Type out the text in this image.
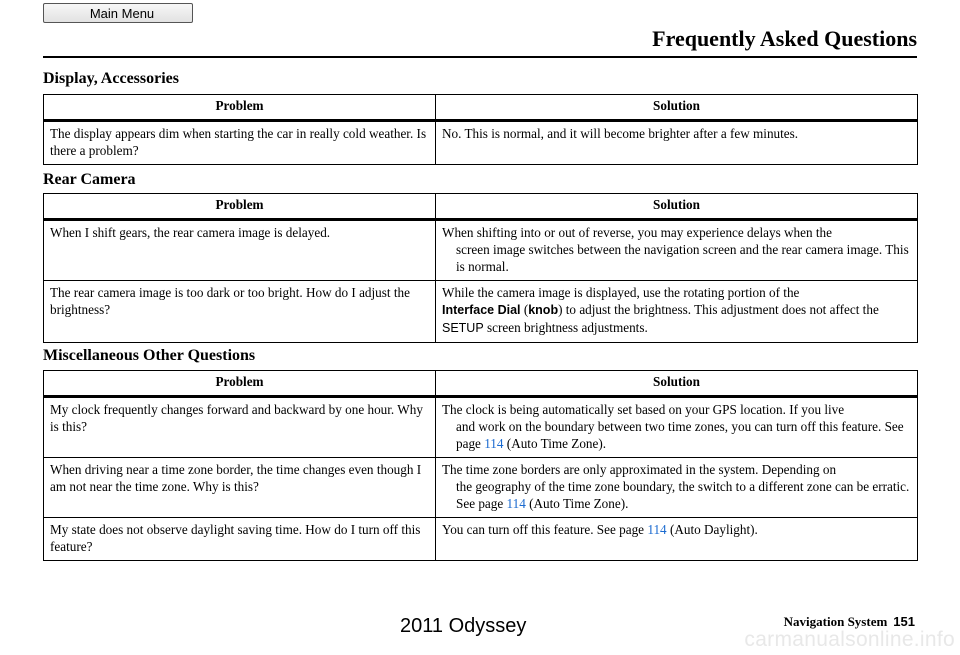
Main Menu
Frequently Asked Questions
Display, Accessories
Problem	Solution
The display appears dim when starting the car in really cold weather. Is there a problem?	No. This is normal, and it will become brighter after a few minutes.
Rear Camera
Problem	Solution
When I shift gears, the rear camera image is delayed.	When shifting into or out of reverse, you may experience delays when the
screen image switches between the navigation screen and the rear camera image. This is normal.

The rear camera image is too dark or too bright. How do I adjust the brightness?	While the camera image is displayed, use the rotating portion of the
Interface Dial (knob) to adjust the brightness. This adjustment does not affect the SETUP screen brightness adjustments.
Miscellaneous Other Questions
Problem	Solution
My clock frequently changes forward and backward by one hour. Why is this?	The clock is being automatically set based on your GPS location. If you live
and work on the boundary between two time zones, you can turn off this feature. See page 114 (Auto Time Zone).

When driving near a time zone border, the time changes even though I am not near the time zone. Why is this?	The time zone borders are only approximated in the system. Depending on
the geography of the time zone boundary, the switch to a different zone can be erratic. See page 114 (Auto Time Zone).

My state does not observe daylight saving time. How do I turn off this feature?	You can turn off this feature. See page 114 (Auto Daylight).
Navigation System 151
2011 Odyssey
carmanualsonline.info
